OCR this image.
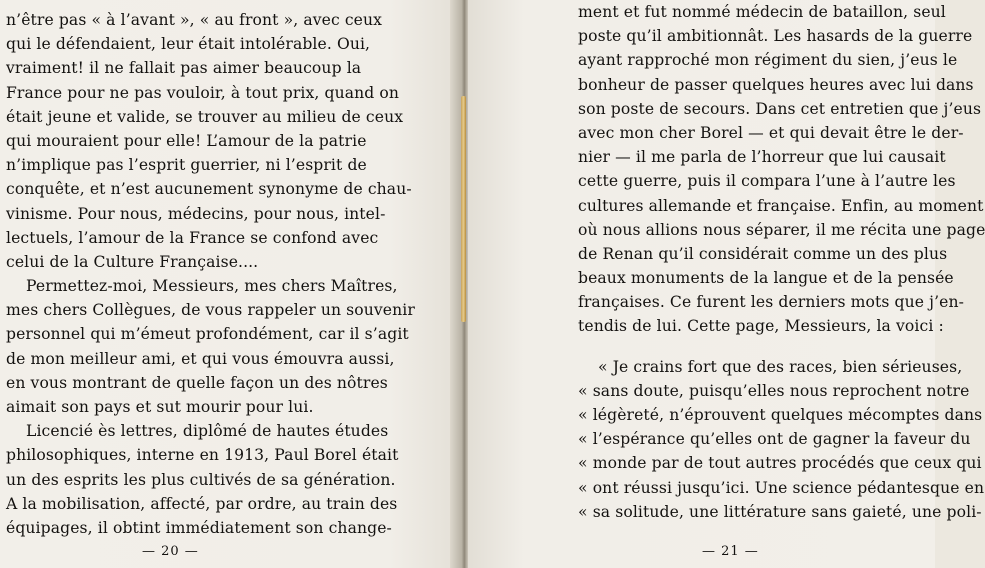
n’être pas « à l’avant », « au front », avec ceux
qui le défendaient, leur était intolérable. Oui,
vraiment! il ne fallait pas aimer beaucoup la
France pour ne pas vouloir, à tout prix, quand on
était jeune et valide, se trouver au milieu de ceux
qui mouraient pour elle! L’amour de la patrie
n’implique pas l’esprit guerrier, ni l’esprit de
conquête, et n’est aucunement synonyme de chau-
vinisme. Pour nous, médecins, pour nous, intel-
lectuels, l’amour de la France se confond avec
celui de la Culture Française....
Permettez-moi, Messieurs, mes chers Maîtres,
mes chers Collègues, de vous rappeler un souvenir
personnel qui m’émeut profondément, car il s’agit
de mon meilleur ami, et qui vous émouvra aussi,
en vous montrant de quelle façon un des nôtres
aimait son pays et sut mourir pour lui.
Licencié ès lettres, diplômé de hautes études
philosophiques, interne en 1913, Paul Borel était
un des esprits les plus cultivés de sa génération.
A la mobilisation, affecté, par ordre, au train des
équipages, il obtint immédiatement son change-
— 20 —
ment et fut nommé médecin de bataillon, seul
poste qu’il ambitionnât. Les hasards de la guerre
ayant rapproché mon régiment du sien, j’eus le
bonheur de passer quelques heures avec lui dans
son poste de secours. Dans cet entretien que j’eus
avec mon cher Borel — et qui devait être le der-
nier — il me parla de l’horreur que lui causait
cette guerre, puis il compara l’une à l’autre les
cultures allemande et française. Enfin, au moment
où nous allions nous séparer, il me récita une page
de Renan qu’il considérait comme un des plus
beaux monuments de la langue et de la pensée
françaises. Ce furent les derniers mots que j’en-
tendis de lui. Cette page, Messieurs, la voici :
« Je crains fort que des races, bien sérieuses,
« sans doute, puisqu’elles nous reprochent notre
« légèreté, n’éprouvent quelques mécomptes dans
« l’espérance qu’elles ont de gagner la faveur du
« monde par de tout autres procédés que ceux qui
« ont réussi jusqu’ici. Une science pédantesque en
« sa solitude, une littérature sans gaieté, une poli-
— 21 —
